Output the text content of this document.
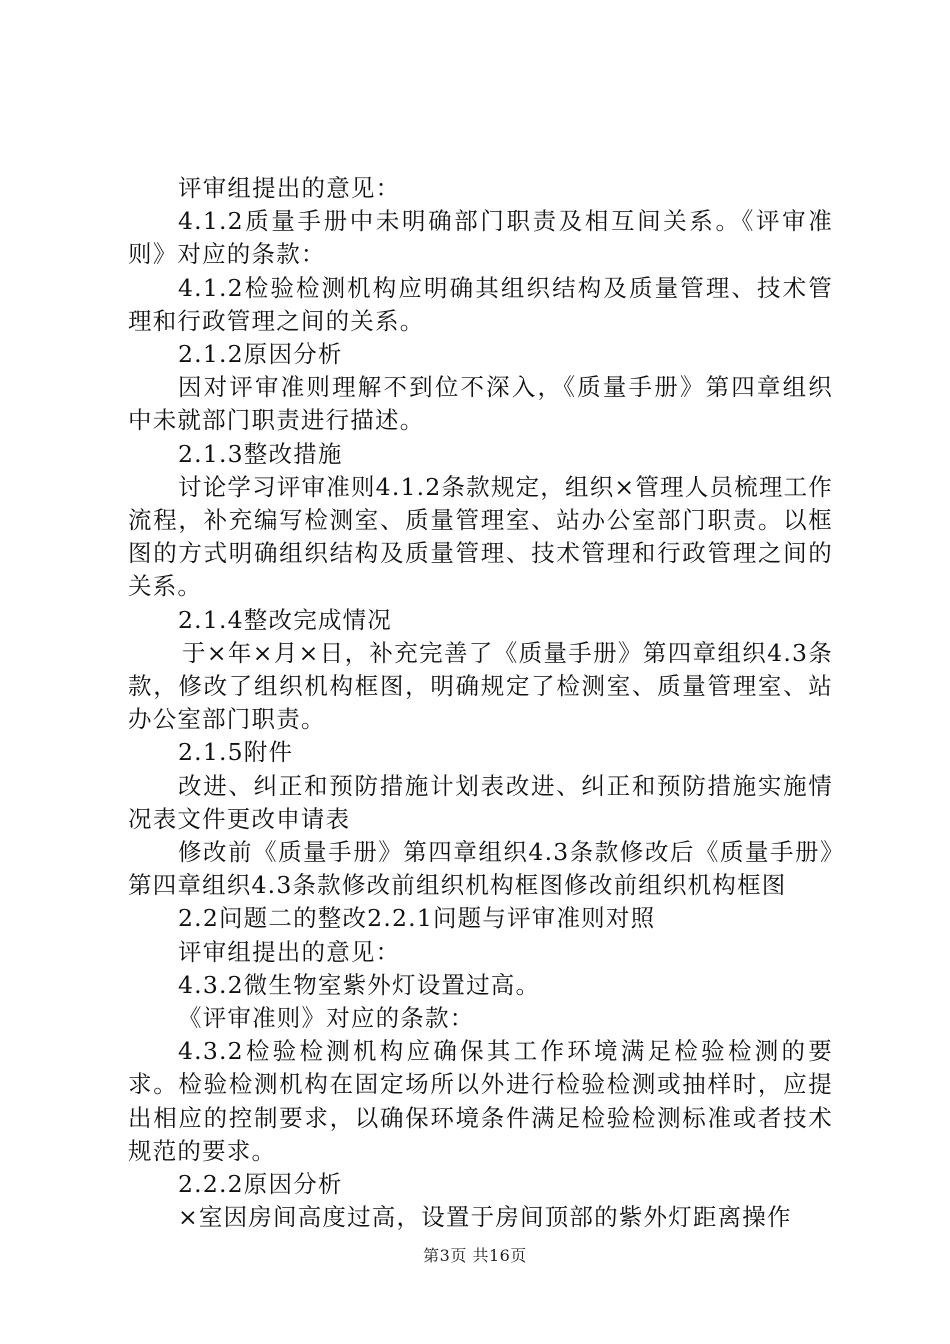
评审组提出的意见：

4.1.2质量手册中未明确部门职责及相互间关系。《评审准则》对应的条款：

4.1.2检验检测机构应明确其组织结构及质量管理、技术管理和行政管理之间的关系。

2.1.2原因分析

因对评审准则理解不到位不深入，《质量手册》第四章组织中未就部门职责进行描述。

2.1.3整改措施

讨论学习评审准则4.1.2条款规定，组织×管理人员梳理工作流程，补充编写检测室、质量管理室、站办公室部门职责。以框图的方式明确组织结构及质量管理、技术管理和行政管理之间的关系。

2.1.4整改完成情况

于×年×月×日，补充完善了《质量手册》第四章组织4.3条款，修改了组织机构框图，明确规定了检测室、质量管理室、站办公室部门职责。

2.1.5附件

改进、纠正和预防措施计划表改进、纠正和预防措施实施情况表文件更改申请表

修改前《质量手册》第四章组织4.3条款修改后《质量手册》第四章组织4.3条款修改前组织机构框图修改前组织机构框图

2.2问题二的整改2.2.1问题与评审准则对照

评审组提出的意见：

4.3.2微生物室紫外灯设置过高。

《评审准则》对应的条款：

4.3.2检验检测机构应确保其工作环境满足检验检测的要求。检验检测机构在固定场所以外进行检验检测或抽样时，应提出相应的控制要求，以确保环境条件满足检验检测标准或者技术规范的要求。

2.2.2原因分析

×室因房间高度过高，设置于房间顶部的紫外灯距离操作

第3页 共16页
